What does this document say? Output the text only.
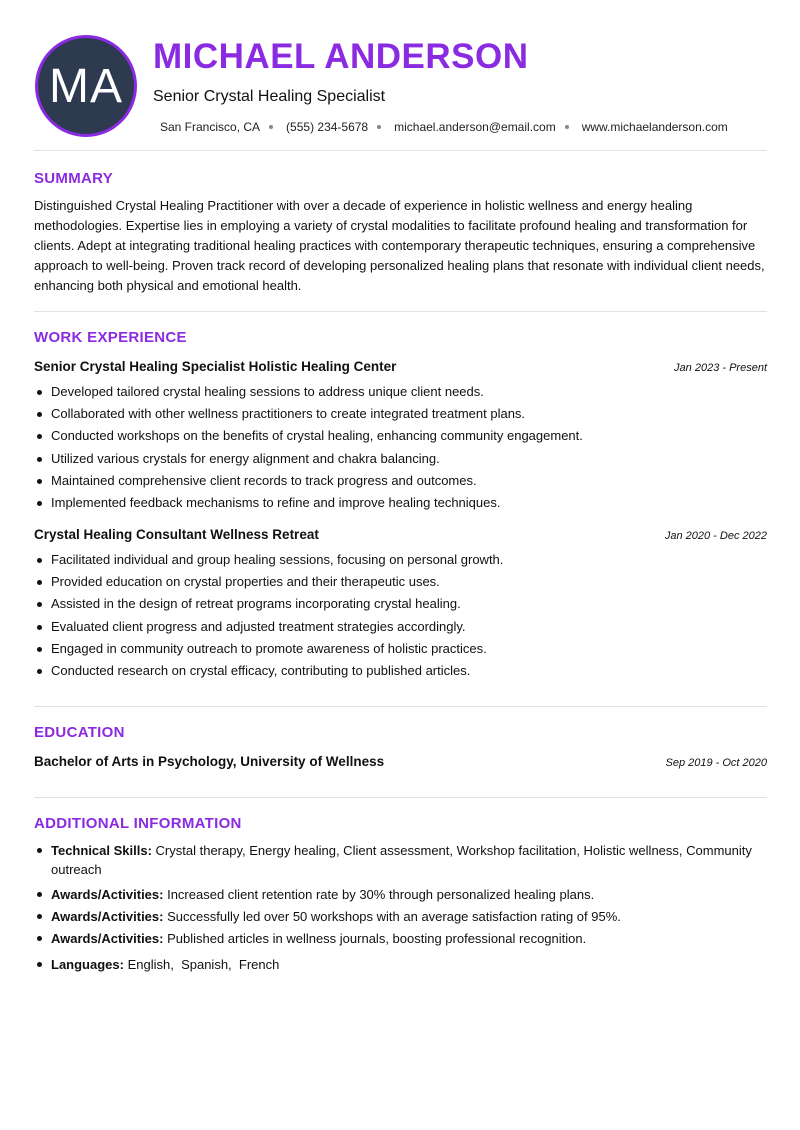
MA
MICHAEL ANDERSON
Senior Crystal Healing Specialist
San Francisco, CA (555) 234-5678 michael.anderson@email.com www.michaelanderson.com
SUMMARY
Distinguished Crystal Healing Practitioner with over a decade of experience in holistic wellness and energy healing methodologies. Expertise lies in employing a variety of crystal modalities to facilitate profound healing and transformation for clients. Adept at integrating traditional healing practices with contemporary therapeutic techniques, ensuring a comprehensive approach to well-being. Proven track record of developing personalized healing plans that resonate with individual client needs, enhancing both physical and emotional health.
WORK EXPERIENCE
Senior Crystal Healing Specialist Holistic Healing Center	Jan 2023 - Present
Developed tailored crystal healing sessions to address unique client needs.
Collaborated with other wellness practitioners to create integrated treatment plans.
Conducted workshops on the benefits of crystal healing, enhancing community engagement.
Utilized various crystals for energy alignment and chakra balancing.
Maintained comprehensive client records to track progress and outcomes.
Implemented feedback mechanisms to refine and improve healing techniques.
Crystal Healing Consultant Wellness Retreat	Jan 2020 - Dec 2022
Facilitated individual and group healing sessions, focusing on personal growth.
Provided education on crystal properties and their therapeutic uses.
Assisted in the design of retreat programs incorporating crystal healing.
Evaluated client progress and adjusted treatment strategies accordingly.
Engaged in community outreach to promote awareness of holistic practices.
Conducted research on crystal efficacy, contributing to published articles.
EDUCATION
Bachelor of Arts in Psychology, University of Wellness	Sep 2019 - Oct 2020
ADDITIONAL INFORMATION
Technical Skills: Crystal therapy, Energy healing, Client assessment, Workshop facilitation, Holistic wellness, Community outreach
Awards/Activities: Increased client retention rate by 30% through personalized healing plans.
Awards/Activities: Successfully led over 50 workshops with an average satisfaction rating of 95%.
Awards/Activities: Published articles in wellness journals, boosting professional recognition.
Languages: English,  Spanish,  French
